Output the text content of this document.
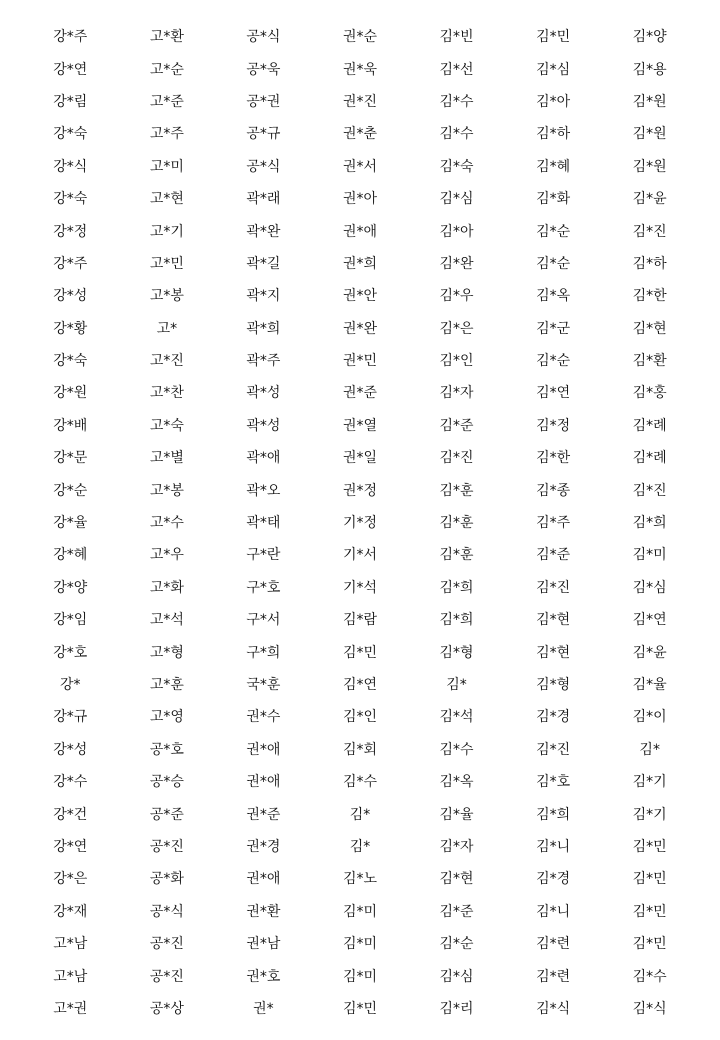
강*주	고*환	공*식	권*순	김*빈	김*민	김*양
강*연	고*순	공*욱	권*욱	김*선	김*심	김*용
강*림	고*준	공*권	권*진	김*수	김*아	김*원
강*숙	고*주	공*규	권*춘	김*수	김*하	김*원
강*식	고*미	공*식	권*서	김*숙	김*혜	김*원
강*숙	고*현	곽*래	권*아	김*심	김*화	김*윤
강*정	고*기	곽*완	권*애	김*아	김*순	김*진
강*주	고*민	곽*길	권*희	김*완	김*순	김*하
강*성	고*봉	곽*지	권*안	김*우	김*옥	김*한
강*황	고*	곽*희	권*완	김*은	김*군	김*현
강*숙	고*진	곽*주	권*민	김*인	김*순	김*환
강*원	고*찬	곽*성	권*준	김*자	김*연	김*홍
강*배	고*숙	곽*성	권*열	김*준	김*정	김*례
강*문	고*별	곽*애	권*일	김*진	김*한	김*례
강*순	고*봉	곽*오	권*정	김*훈	김*종	김*진
강*율	고*수	곽*태	기*정	김*훈	김*주	김*희
강*혜	고*우	구*란	기*서	김*훈	김*준	김*미
강*양	고*화	구*호	기*석	김*희	김*진	김*심
강*임	고*석	구*서	김*람	김*희	김*현	김*연
강*호	고*형	구*희	김*민	김*형	김*현	김*윤
강*	고*훈	국*훈	김*연	김*	김*형	김*율
강*규	고*영	권*수	김*인	김*석	김*경	김*이
강*성	공*호	권*애	김*회	김*수	김*진	김*
강*수	공*승	권*애	김*수	김*옥	김*호	김*기
강*건	공*준	권*준	김*	김*율	김*희	김*기
강*연	공*진	권*경	김*	김*자	김*니	김*민
강*은	공*화	권*애	김*노	김*현	김*경	김*민
강*재	공*식	권*환	김*미	김*준	김*니	김*민
고*남	공*진	권*남	김*미	김*순	김*련	김*민
고*남	공*진	권*호	김*미	김*심	김*련	김*수
고*권	공*상	권*	김*민	김*리	김*식	김*식
